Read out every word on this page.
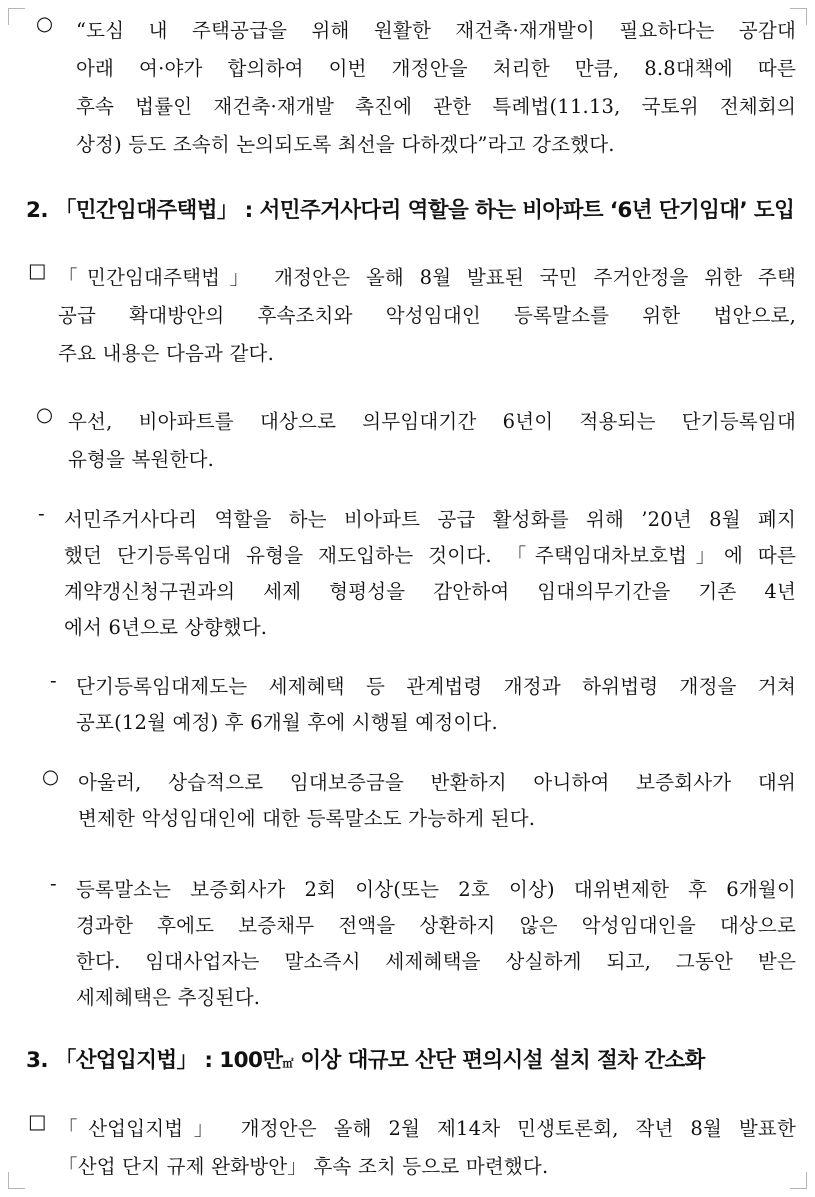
○ “도심 내 주택공급을 위해 원활한 재건축·재개발이 필요하다는 공감대
아래 여·야가 합의하여 이번 개정안을 처리한 만큼, 8.8대책에 따른
후속 법률인 재건축·재개발 촉진에 관한 특례법(11.13, 국토위 전체회의
상정) 등도 조속히 논의되도록 최선을 다하겠다”라고 강조했다.
2. 「민간임대주택법」 : 서민주거사다리 역할을 하는 비아파트 ‘6년 단기임대’ 도입
□ 「민간임대주택법」 개정안은 올해 8월 발표된 국민 주거안정을 위한 주택
공급 확대방안의 후속조치와 악성임대인 등록말소를 위한 법안으로,
주요 내용은 다음과 같다.
○ 우선, 비아파트를 대상으로 의무임대기간 6년이 적용되는 단기등록임대
유형을 복원한다.
- 서민주거사다리 역할을 하는 비아파트 공급 활성화를 위해 ’20년 8월 폐지
했던 단기등록임대 유형을 재도입하는 것이다. 「주택임대차보호법」에 따른
계약갱신청구권과의 세제 형평성을 감안하여 임대의무기간을 기존 4년
에서 6년으로 상향했다.
- 단기등록임대제도는 세제혜택 등 관계법령 개정과 하위법령 개정을 거쳐
공포(12월 예정) 후 6개월 후에 시행될 예정이다.
○ 아울러, 상습적으로 임대보증금을 반환하지 아니하여 보증회사가 대위
변제한 악성임대인에 대한 등록말소도 가능하게 된다.
- 등록말소는 보증회사가 2회 이상(또는 2호 이상) 대위변제한 후 6개월이
경과한 후에도 보증채무 전액을 상환하지 않은 악성임대인을 대상으로
한다. 임대사업자는 말소즉시 세제혜택을 상실하게 되고, 그동안 받은
세제혜택은 추징된다.
3. 「산업입지법」 : 100만㎡ 이상 대규모 산단 편의시설 설치 절차 간소화
□ 「산업입지법」 개정안은 올해 2월 제14차 민생토론회, 작년 8월 발표한
「산업 단지 규제 완화방안」 후속 조치 등으로 마련했다.
